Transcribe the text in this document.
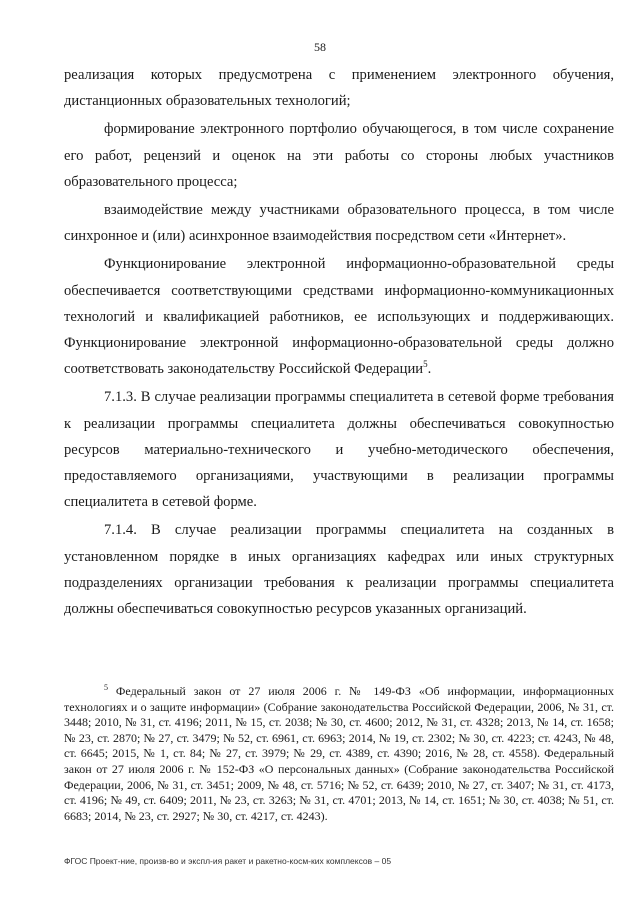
58

реализация которых предусмотрена с применением электронного обучения, дистанционных образовательных технологий;

формирование электронного портфолио обучающегося, в том числе сохранение его работ, рецензий и оценок на эти работы со стороны любых участников образовательного процесса;

взаимодействие между участниками образовательного процесса, в том числе синхронное и (или) асинхронное взаимодействия посредством сети «Интернет».

Функционирование электронной информационно-образовательной среды обеспечивается соответствующими средствами информационно-коммуникационных технологий и квалификацией работников, ее использующих и поддерживающих. Функционирование электронной информационно-образовательной среды должно соответствовать законодательству Российской Федерации$^5$.

7.1.3. В случае реализации программы специалитета в сетевой форме требования к реализации программы специалитета должны обеспечиваться совокупностью ресурсов материально-технического и учебно-методического обеспечения, предоставляемого организациями, участвующими в реализации программы специалитета в сетевой форме.

7.1.4. В случае реализации программы специалитета на созданных в установленном порядке в иных организациях кафедрах или иных структурных подразделениях организации требования к реализации программы специалитета должны обеспечиваться совокупностью ресурсов указанных организаций.

$^5$ Федеральный закон от 27 июля 2006 г. № 149-ФЗ «Об информации, информационных технологиях и о защите информации» (Собрание законодательства Российской Федерации, 2006, № 31, ст. 3448; 2010, № 31, ст. 4196; 2011, № 15, ст. 2038; № 30, ст. 4600; 2012, № 31, ст. 4328; 2013, № 14, ст. 1658; № 23, ст. 2870; № 27, ст. 3479; № 52, ст. 6961, ст. 6963; 2014, № 19, ст. 2302; № 30, ст. 4223; ст. 4243, № 48, ст. 6645; 2015, № 1, ст. 84; № 27, ст. 3979; № 29, ст. 4389, ст. 4390; 2016, № 28, ст. 4558). Федеральный закон от 27 июля 2006 г. № 152-ФЗ «О персональных данных» (Собрание законодательства Российской Федерации, 2006, № 31, ст. 3451; 2009, № 48, ст. 5716; № 52, ст. 6439; 2010, № 27, ст. 3407; № 31, ст. 4173, ст. 4196; № 49, ст. 6409; 2011, № 23, ст. 3263; № 31, ст. 4701; 2013, № 14, ст. 1651; № 30, ст. 4038; № 51, ст. 6683; 2014, № 23, ст. 2927; № 30, ст. 4217, ст. 4243).

ФГОС Проект-ние, произв-во и экспл-ия ракет и ракетно-косм-ких комплексов – 05
